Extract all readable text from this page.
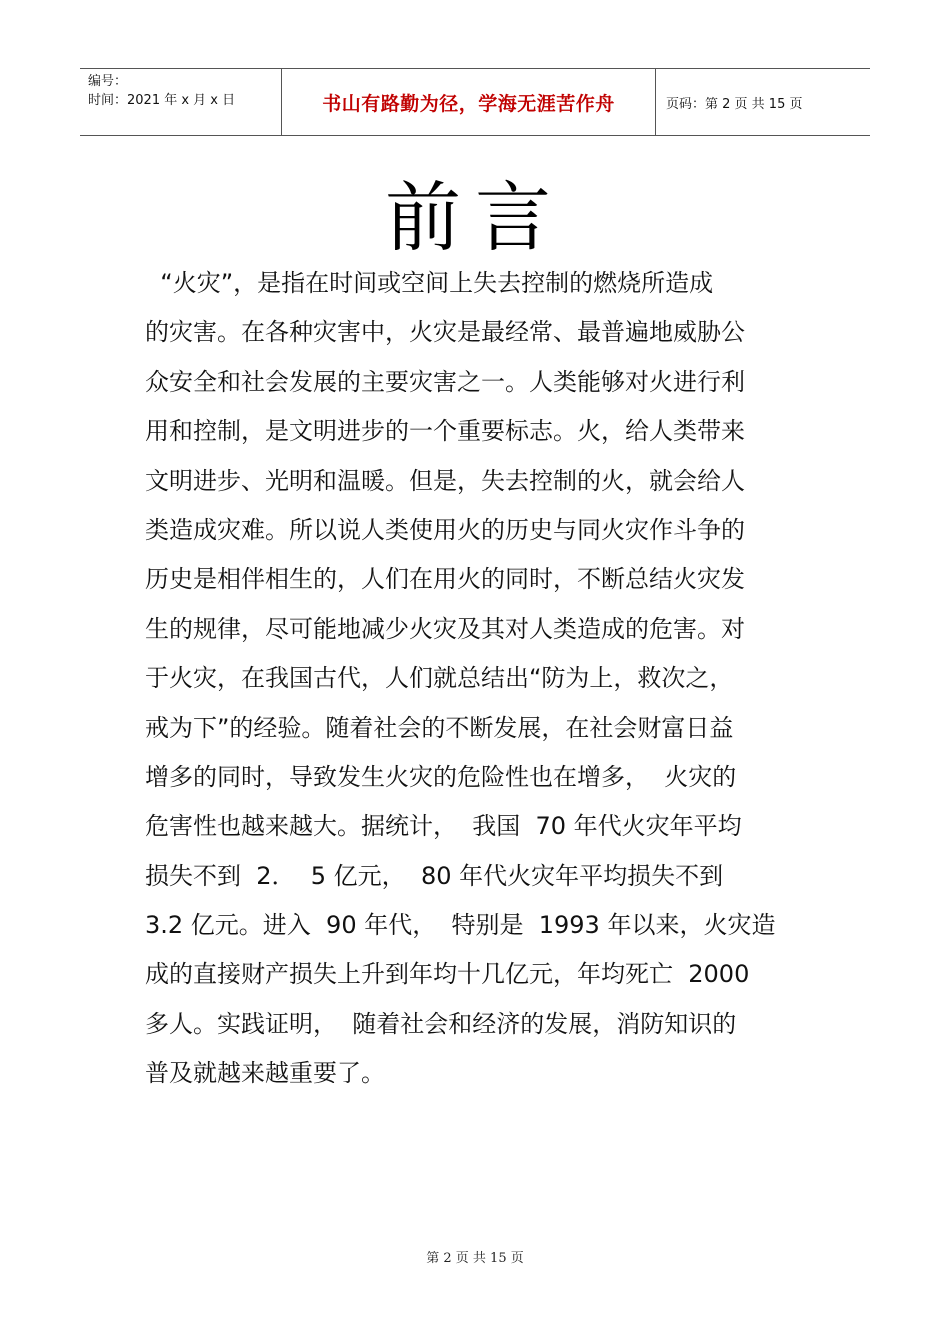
编号：
时间：2021 年 x 月 x 日	书山有路勤为径，学海无涯苦作舟	页码：第 2 页 共 15 页
前言
“火灾”，是指在时间或空间上失去控制的燃烧所造成
的灾害。在各种灾害中，火灾是最经常、最普遍地威胁公
众安全和社会发展的主要灾害之一。人类能够对火进行利
用和控制，是文明进步的一个重要标志。火，给人类带来
文明进步、光明和温暖。但是，失去控制的火，就会给人
类造成灾难。所以说人类使用火的历史与同火灾作斗争的
历史是相伴相生的，人们在用火的同时，不断总结火灾发
生的规律，尽可能地减少火灾及其对人类造成的危害。对
于火灾，在我国古代，人们就总结出“防为上，救次之，
戒为下”的经验。随着社会的不断发展，在社会财富日益
增多的同时，导致发生火灾的危险性也在增多，  火灾的
危害性也越来越大。据统计，  我国  70 年代火灾年平均
损失不到  2．  5 亿元，  80 年代火灾年平均损失不到
3.2 亿元。进入  90 年代，  特别是  1993 年以来，火灾造
成的直接财产损失上升到年均十几亿元，年均死亡  2000
多人。实践证明，  随着社会和经济的发展，消防知识的
普及就越来越重要了。
第 2 页 共 15 页
